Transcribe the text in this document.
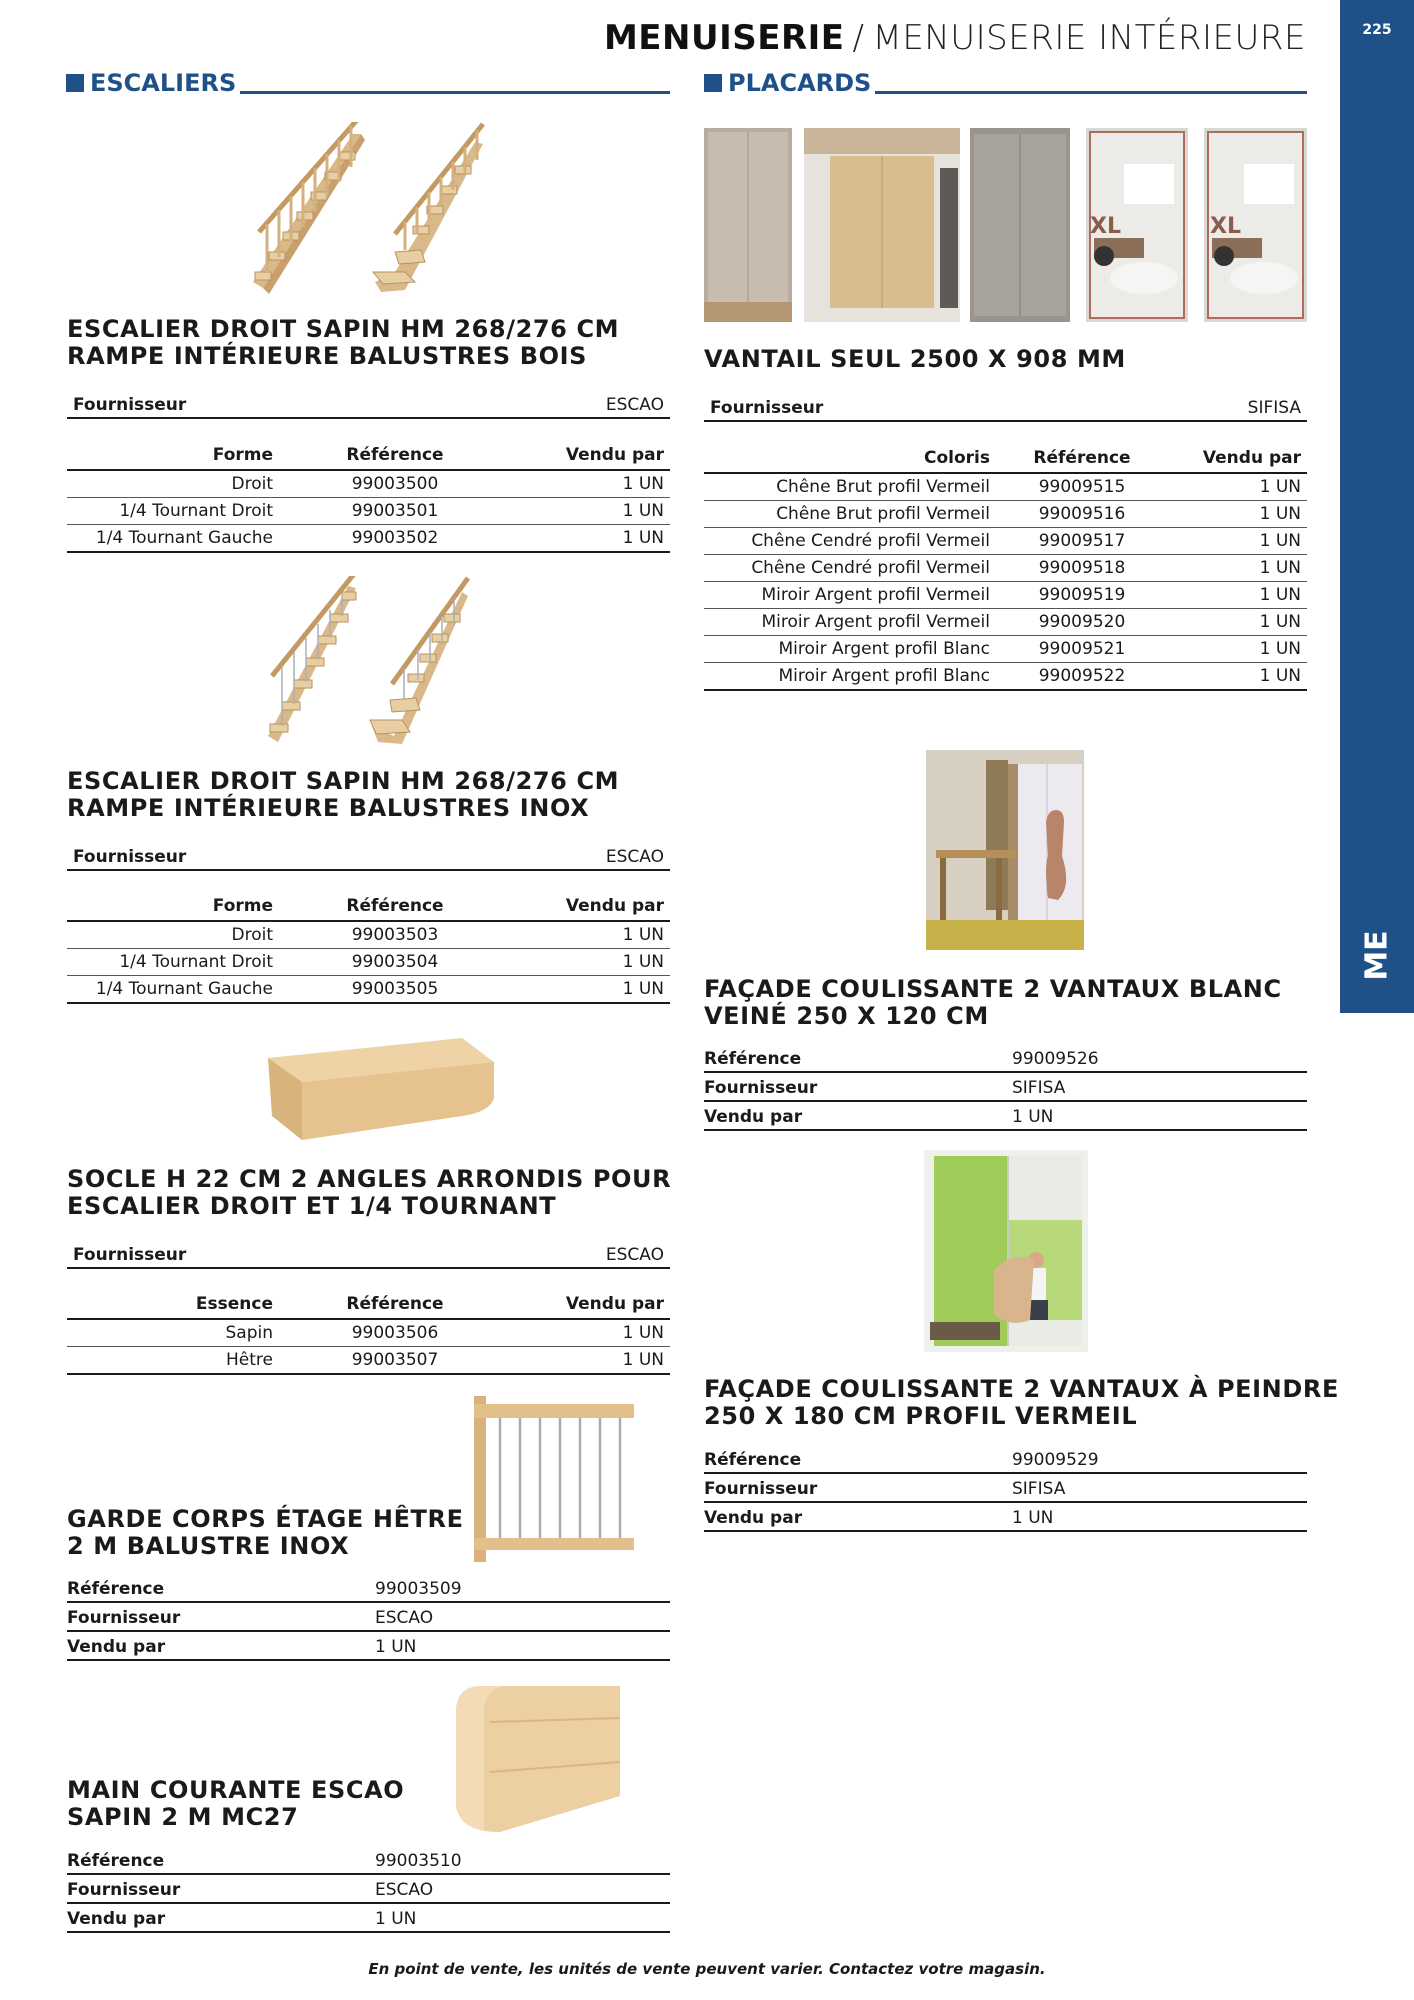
MENUISERIE / MENUISERIE INTÉRIEURE	225
ME
ESCALIERS	PLACARDS
ESCALIER DROIT SAPIN HM 268/276 CM
RAMPE INTÉRIEURE BALUSTRES BOIS
Fournisseur	ESCAO
Forme	Référence	Vendu par
Droit	99003500	1 UN
1/4 Tournant Droit	99003501	1 UN
1/4 Tournant Gauche	99003502	1 UN
ESCALIER DROIT SAPIN HM 268/276 CM
RAMPE INTÉRIEURE BALUSTRES INOX
Fournisseur	ESCAO
Forme	Référence	Vendu par
Droit	99003503	1 UN
1/4 Tournant Droit	99003504	1 UN
1/4 Tournant Gauche	99003505	1 UN
SOCLE H 22 CM 2 ANGLES ARRONDIS POUR
ESCALIER DROIT ET 1/4 TOURNANT
Fournisseur	ESCAO
Essence	Référence	Vendu par
Sapin	99003506	1 UN
Hêtre	99003507	1 UN
GARDE CORPS ÉTAGE HÊTRE
2 M BALUSTRE INOX
Référence	99003509
Fournisseur	ESCAO
Vendu par	1 UN
MAIN COURANTE ESCAO
SAPIN 2 M MC27
Référence	99003510
Fournisseur	ESCAO
Vendu par	1 UN
XL	XL
VANTAIL SEUL 2500 X 908 MM
Fournisseur	SIFISA
Coloris	Référence	Vendu par
Chêne Brut profil Vermeil	99009515	1 UN
Chêne Brut profil Vermeil	99009516	1 UN
Chêne Cendré profil Vermeil	99009517	1 UN
Chêne Cendré profil Vermeil	99009518	1 UN
Miroir Argent profil Vermeil	99009519	1 UN
Miroir Argent profil Vermeil	99009520	1 UN
Miroir Argent profil Blanc	99009521	1 UN
Miroir Argent profil Blanc	99009522	1 UN
FAÇADE COULISSANTE 2 VANTAUX BLANC
VEINÉ 250 X 120 CM
Référence	99009526
Fournisseur	SIFISA
Vendu par	1 UN
FAÇADE COULISSANTE 2 VANTAUX À PEINDRE
250 X 180 CM PROFIL VERMEIL
Référence	99009529
Fournisseur	SIFISA
Vendu par	1 UN
En point de vente, les unités de vente peuvent varier. Contactez votre magasin.
